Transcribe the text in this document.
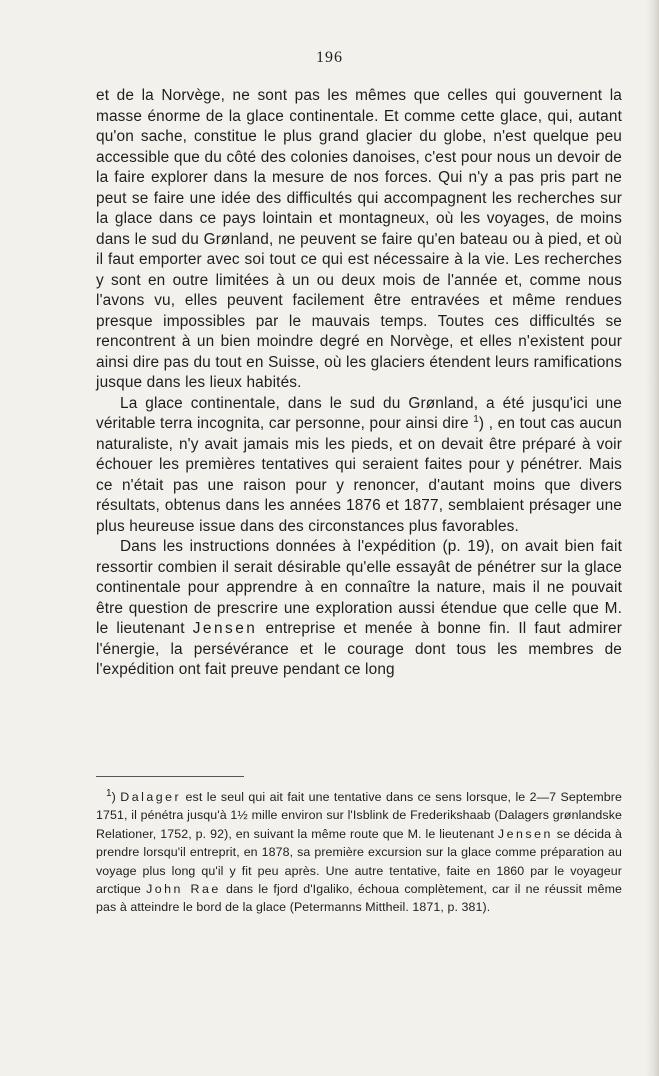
196

et de la Norvège, ne sont pas les mêmes que celles qui gouvernent la masse énorme de la glace continentale. Et comme cette glace, qui, autant qu'on sache, constitue le plus grand glacier du globe, n'est quelque peu accessible que du côté des colonies danoises, c'est pour nous un devoir de la faire explorer dans la mesure de nos forces. Qui n'y a pas pris part ne peut se faire une idée des difficultés qui accompagnent les recherches sur la glace dans ce pays lointain et montagneux, où les voyages, de moins dans le sud du Grønland, ne peuvent se faire qu'en bateau ou à pied, et où il faut emporter avec soi tout ce qui est nécessaire à la vie. Les recherches y sont en outre limitées à un ou deux mois de l'année et, comme nous l'avons vu, elles peuvent facilement être entravées et même rendues presque impossibles par le mauvais temps. Toutes ces difficultés se rencontrent à un bien moindre degré en Norvège, et elles n'existent pour ainsi dire pas du tout en Suisse, où les glaciers étendent leurs ramifications jusque dans les lieux habités.

La glace continentale, dans le sud du Grønland, a été jusqu'ici une véritable terra incognita, car personne, pour ainsi dire $^1$) , en tout cas aucun naturaliste, n'y avait jamais mis les pieds, et on devait être préparé à voir échouer les premières tentatives qui seraient faites pour y pénétrer. Mais ce n'était pas une raison pour y renoncer, d'autant moins que divers résultats, obtenus dans les années 1876 et 1877, semblaient présager une plus heureuse issue dans des circonstances plus favorables.

Dans les instructions données à l'expédition (p. 19), on avait bien fait ressortir combien il serait désirable qu'elle essayât de pénétrer sur la glace continentale pour apprendre à en connaître la nature, mais il ne pouvait être question de prescrire une exploration aussi étendue que celle que M. le lieutenant Jensen entreprise et menée à bonne fin. Il faut admirer l'énergie, la persévérance et le courage dont tous les membres de l'expédition ont fait preuve pendant ce long

$^1$) Dalager est le seul qui ait fait une tentative dans ce sens lorsque, le 2—7 Septembre 1751, il pénétra jusqu'à 1½ mille environ sur l'Isblink de Frederikshaab (Dalagers grønlandske Relationer, 1752, p. 92), en suivant la même route que M. le lieutenant Jensen se décida à prendre lorsqu'il entreprit, en 1878, sa première excursion sur la glace comme préparation au voyage plus long qu'il y fit peu après. Une autre tentative, faite en 1860 par le voyageur arctique John Rae dans le fjord d'Igaliko, échoua complètement, car il ne réussit même pas à atteindre le bord de la glace (Petermanns Mittheil. 1871, p. 381).
